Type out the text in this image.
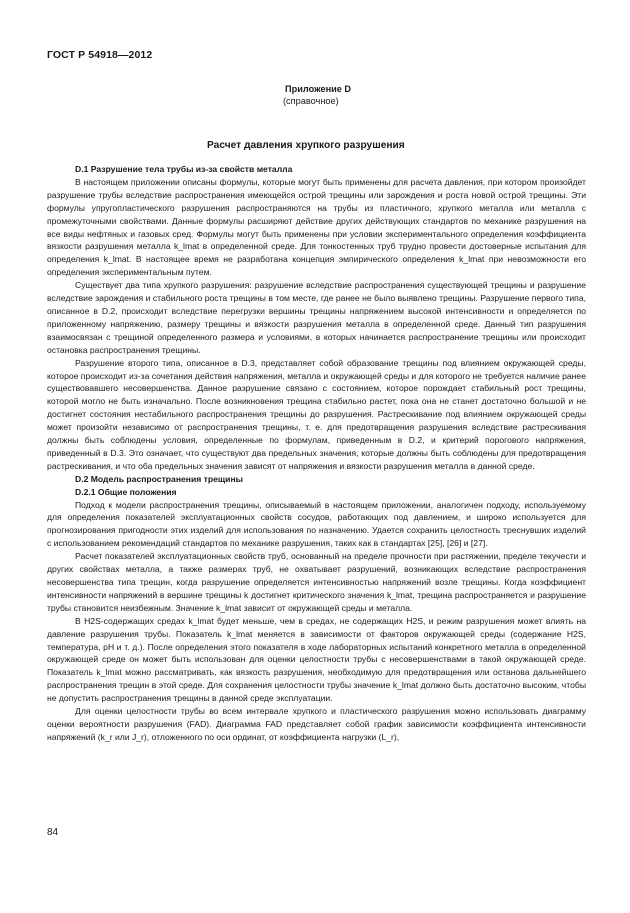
ГОСТ Р 54918—2012
Приложение D
(справочное)
Расчет давления хрупкого разрушения

D.1 Разрушение тела трубы из-за свойств металла

В настоящем приложении описаны формулы, которые могут быть применены для расчета давления, при котором произойдет разрушение трубы вследствие распространения имеющейся острой трещины или зарождения и роста новой острой трещины. Эти формулы упругопластического разрушения распространяются на трубы из пластичного, хрупкого металла или металла с промежуточными свойствами. Данные формулы расширяют действие других действующих стандартов по механике разрушения на все виды нефтяных и газовых сред. Формулы могут быть применены при условии экспериментального определения коэффициента вязкости разрушения металла k_lmat в определенной среде. Для тонкостенных труб трудно провести достоверные испытания для определения k_lmat. В настоящее время не разработана концепция эмпирического определения k_lmat при невозможности его определения экспериментальным путем.

Существует два типа хрупкого разрушения: разрушение вследствие распространения существующей трещины и разрушение вследствие зарождения и стабильного роста трещины в том месте, где ранее не было выявлено трещины. Разрушение первого типа, описанное в D.2, происходит вследствие перегрузки вершины трещины напряжением высокой интенсивности и определяется по приложенному напряжению, размеру трещины и вязкости разрушения металла в определенной среде. Данный тип разрушения взаимосвязан с трещиной определенного размера и условиями, в которых начинается распространение трещины или происходит остановка распространения трещины.

Разрушение второго типа, описанное в D.3, представляет собой образование трещины под влиянием окружающей среды, которое происходит из-за сочетания действия напряжения, металла и окружающей среды и для которого не требуется наличие ранее существовавшего несовершенства. Данное разрушение связано с состоянием, которое порождает стабильный рост трещины, которой могло не быть изначально. После возникновения трещина стабильно растет, пока она не станет достаточно большой и не достигнет состояния нестабильного распространения трещины до разрушения. Растрескивание под влиянием окружающей среды может произойти независимо от распространения трещины, т. е. для предотвращения разрушения вследствие растрескивания должны быть соблюдены условия, определенные по формулам, приведенным в D.2, и критерий порогового напряжения, приведенный в D.3. Это означает, что существуют два предельных значения, которые должны быть соблюдены для предотвращения растрескивания, и что оба предельных значения зависят от напряжения и вязкости разрушения металла в данной среде.

D.2 Модель распространения трещины

D.2.1 Общие положения

Подход к модели распространения трещины, описываемый в настоящем приложении, аналогичен подходу, используемому для определения показателей эксплуатационных свойств сосудов, работающих под давлением, и широко используется для прогнозирования пригодности этих изделий для использования по назначению. Удается сохранить целостность треснувших изделий с использованием рекомендаций стандартов по механике разрушения, таких как в стандартах [25], [26] и [27].

Расчет показателей эксплуатационных свойств труб, основанный на пределе прочности при растяжении, пределе текучести и других свойствах металла, а также размерах труб, не охватывает разрушений, возникающих вследствие распространения несовершенства типа трещин, когда разрушение определяется интенсивностью напряжений возле трещины. Когда коэффициент интенсивности напряжений в вершине трещины k достигнет критического значения k_lmat, трещина распространяется и разрушение трубы становится неизбежным. Значение k_lmat зависит от окружающей среды и металла.

В H2S-содержащих средах k_lmat будет меньше, чем в средах, не содержащих H2S, и режим разрушения может влиять на давление разрушения трубы. Показатель k_lmat меняется в зависимости от факторов окружающей среды (содержание H2S, температура, pH и т. д.). После определения этого показателя в ходе лабораторных испытаний конкретного металла в определенной окружающей среде он может быть использован для оценки целостности трубы с несовершенствами в такой окружающей среде. Показатель k_lmat можно рассматривать, как вязкость разрушения, необходимую для предотвращения или останова дальнейшего распространения трещин в этой среде. Для сохранения целостности трубы значение k_lmat должно быть достаточно высоким, чтобы не допустить распространения трещины в данной среде эксплуатации.

Для оценки целостности трубы во всем интервале хрупкого и пластического разрушения можно использовать диаграмму оценки вероятности разрушения (FAD). Диаграмма FAD представляет собой график зависимости коэффициента интенсивности напряжений (k_r или J_r), отложенного по оси ординат, от коэффициента нагрузки (L_r),

84
